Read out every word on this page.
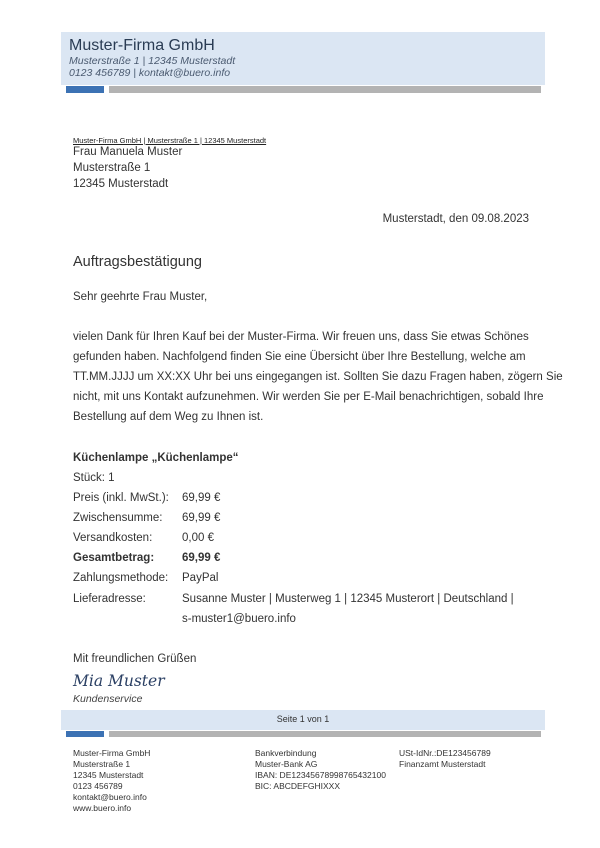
Muster-Firma GmbH
Musterstraße 1 | 12345 Musterstadt
0123 456789 | kontakt@buero.info
Muster-Firma GmbH | Musterstraße 1 | 12345 Musterstadt
Frau Manuela Muster
Musterstraße 1
12345 Musterstadt
Musterstadt, den 09.08.2023
Auftragsbestätigung
Sehr geehrte Frau Muster,
vielen Dank für Ihren Kauf bei der Muster-Firma. Wir freuen uns, dass Sie etwas Schönes
gefunden haben. Nachfolgend finden Sie eine Übersicht über Ihre Bestellung, welche am
TT.MM.JJJJ um XX:XX Uhr bei uns eingegangen ist. Sollten Sie dazu Fragen haben, zögern Sie
nicht, mit uns Kontakt aufzunehmen. Wir werden Sie per E-Mail benachrichtigen, sobald Ihre
Bestellung auf dem Weg zu Ihnen ist.
Küchenlampe „Küchenlampe“
Stück: 1
Preis (inkl. MwSt.): 69,99 €
Zwischensumme: 69,99 €
Versandkosten:	0,00 €
Gesamtbetrag: 69,99 €
Zahlungsmethode: PayPal
Lieferadresse:	Susanne Muster | Musterweg 1 | 12345 Musterort | Deutschland |
s-muster1@buero.info
Mit freundlichen Grüßen
Mia Muster
Kundenservice
Seite 1 von 1
Muster-Firma GmbH
Musterstraße 1
12345 Musterstadt
0123 456789
kontakt@buero.info
www.buero.info
Bankverbindung
Muster-Bank AG
IBAN: DE12345678998765432100
BIC: ABCDEFGHIXXX
USt-IdNr.:DE123456789
Finanzamt Musterstadt
